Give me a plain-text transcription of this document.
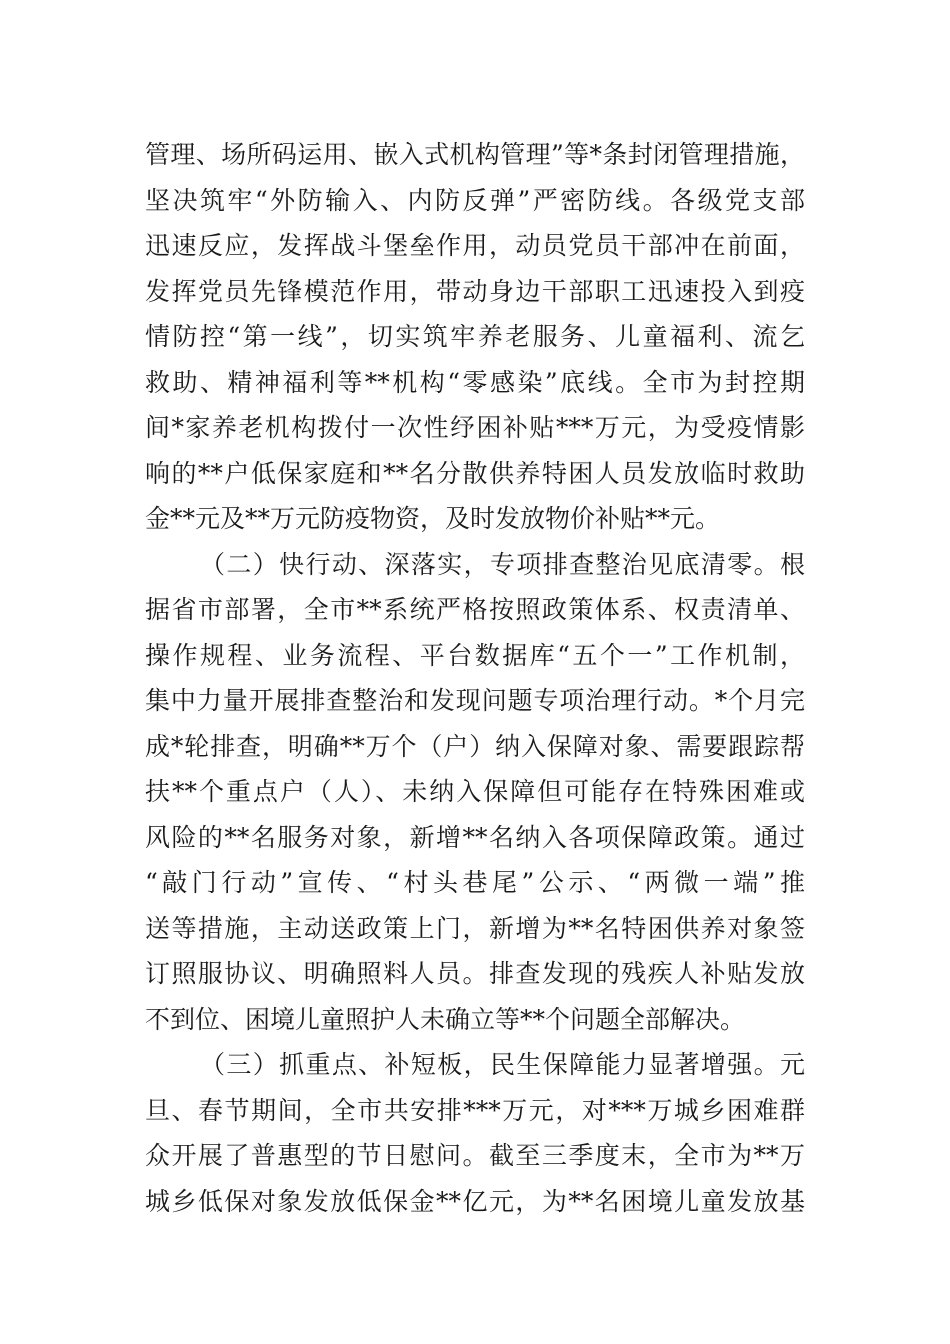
管理、场所码运用、嵌入式机构管理”等*条封闭管理措施，
坚决筑牢“外防输入、内防反弹”严密防线。各级党支部
迅速反应，发挥战斗堡垒作用，动员党员干部冲在前面，
发挥党员先锋模范作用，带动身边干部职工迅速投入到疫
情防控“第一线”，切实筑牢养老服务、儿童福利、流乞
救助、精神福利等**机构“零感染”底线。全市为封控期
间*家养老机构拨付一次性纾困补贴***万元，为受疫情影
响的**户低保家庭和**名分散供养特困人员发放临时救助
金**元及**万元防疫物资，及时发放物价补贴**元。
（二）快行动、深落实，专项排查整治见底清零。根
据省市部署，全市**系统严格按照政策体系、权责清单、
操作规程、业务流程、平台数据库“五个一”工作机制，
集中力量开展排查整治和发现问题专项治理行动。*个月完
成*轮排查，明确**万个（户）纳入保障对象、需要跟踪帮
扶**个重点户（人）、未纳入保障但可能存在特殊困难或
风险的**名服务对象，新增**名纳入各项保障政策。通过
“敲门行动”宣传、“村头巷尾”公示、“两微一端”推
送等措施，主动送政策上门，新增为**名特困供养对象签
订照服协议、明确照料人员。排查发现的残疾人补贴发放
不到位、困境儿童照护人未确立等**个问题全部解决。
（三）抓重点、补短板，民生保障能力显著增强。元
旦、春节期间，全市共安排***万元，对***万城乡困难群
众开展了普惠型的节日慰问。截至三季度末，全市为**万
城乡低保对象发放低保金**亿元，为**名困境儿童发放基
